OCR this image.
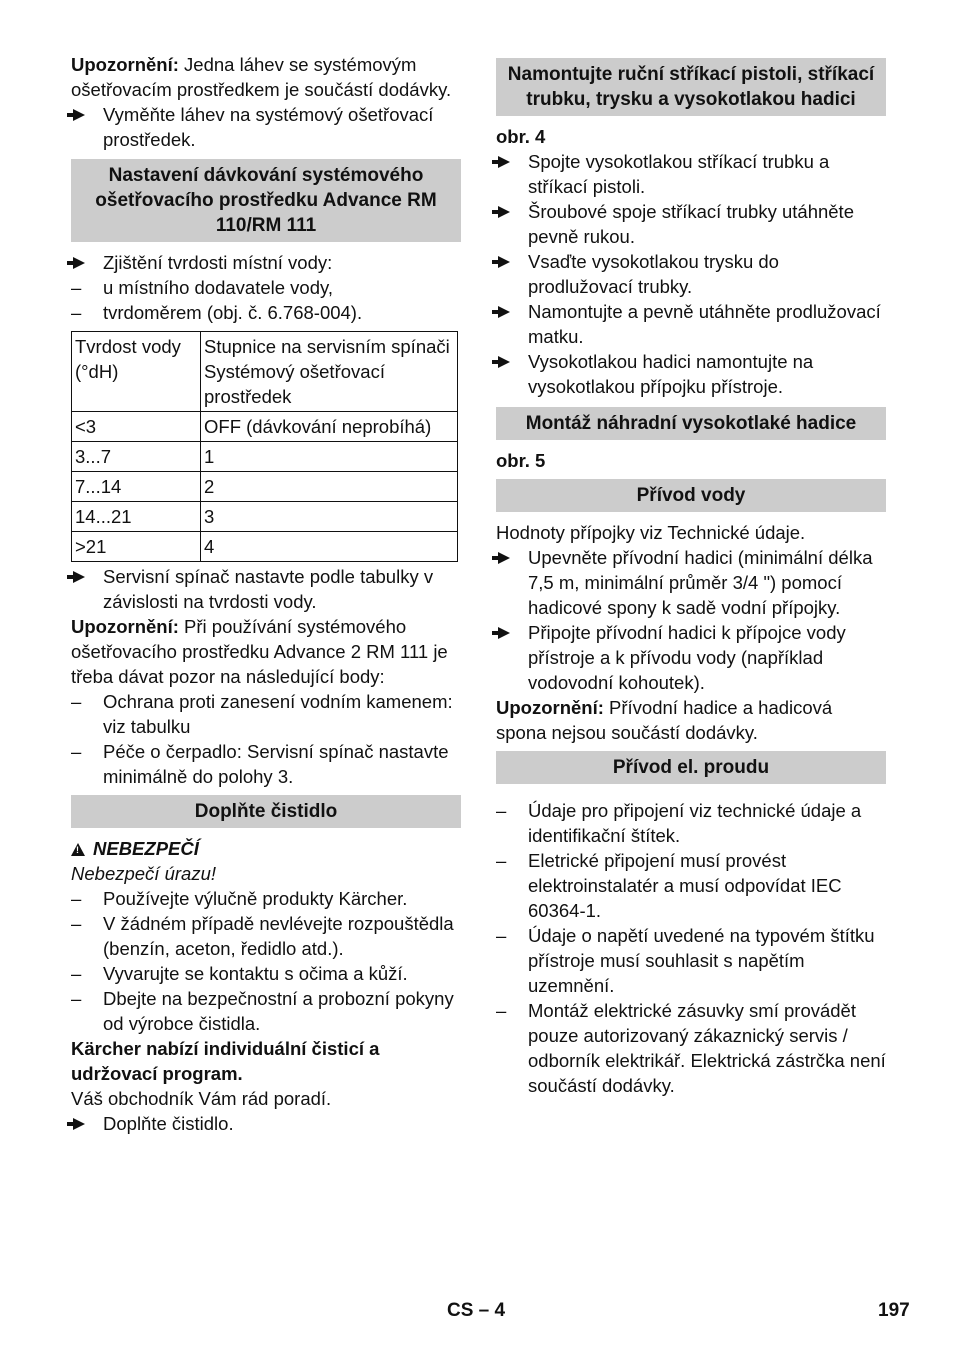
Upozornění: Jedna láhev se systémovým ošetřovacím prostředkem je součástí dodávky.

Vyměňte láhev na systémový ošetřovací prostředek.
Nastavení dávkování systémového ošetřovacího prostředku Advance RM 110/RM 111
Zjištění tvrdosti místní vody:
–	u místního dodavatele vody,
–	tvrdoměrem (obj. č. 6.768-004).
Tvrdost vody (°dH)	Stupnice na servisním spínači Systémový ošetřovací prostředek
<3	OFF (dávkování neprobíhá)
3...7	1
7...14	2
14...21	3
>21	4
Servisní spínač nastavte podle tabulky v závislosti na tvrdosti vody.

Upozornění: Při používání systémového ošetřovacího prostředku Advance 2 RM 111 je třeba dávat pozor na následující body:

–	Ochrana proti zanesení vodním kamenem: viz tabulku
–	Péče o čerpadlo: Servisní spínač nastavte minimálně do polohy 3.
Doplňte čistidlo

!NEBEZPEČÍ

Nebezpečí úrazu!

–	Používejte výlučně produkty Kärcher.
–	V žádném případě nevlévejte rozpouštědla (benzín, aceton, ředidlo atd.).
–	Vyvarujte se kontaktu s očima a kůží.
–	Dbejte na bezpečnostní a probozní pokyny od výrobce čistidla.

Kärcher nabízí individuální čisticí a udržovací program.

Váš obchodník Vám rád poradí.

Doplňte čistidlo.
Namontujte ruční stříkací pistoli, stříkací trubku, trysku a vysokotlakou hadici

obr. 4

Spojte vysokotlakou stříkací trubku a stříkací pistoli.
Šroubové spoje stříkací trubky utáhněte pevně rukou.
Vsaďte vysokotlakou trysku do prodlužovací trubky.
Namontujte a pevně utáhněte prodlužovací matku.
Vysokotlakou hadici namontujte na vysokotlakou přípojku přístroje.
Montáž náhradní vysokotlaké hadice

obr. 5

Přívod vody

Hodnoty přípojky viz Technické údaje.

Upevněte přívodní hadici (minimální délka 7,5 m, minimální průměr 3/4 ") pomocí hadicové spony k sadě vodní přípojky.
Připojte přívodní hadici k přípojce vody přístroje a k přívodu vody (například vodovodní kohoutek).

Upozornění: Přívodní hadice a hadicová spona nejsou součástí dodávky.

Přívod el. proudu
–	Údaje pro připojení viz technické údaje a identifikační štítek.
–	Eletrické připojení musí provést elektroinstalatér a musí odpovídat IEC 60364-1.
–	Údaje o napětí uvedené na typovém štítku přístroje musí souhlasit s napětím uzemnění.
–	Montáž elektrické zásuvky smí provádět pouze autorizovaný zákaznický servis / odborník elektrikář. Elektrická zástrčka není součástí dodávky.
CS – 4	197
